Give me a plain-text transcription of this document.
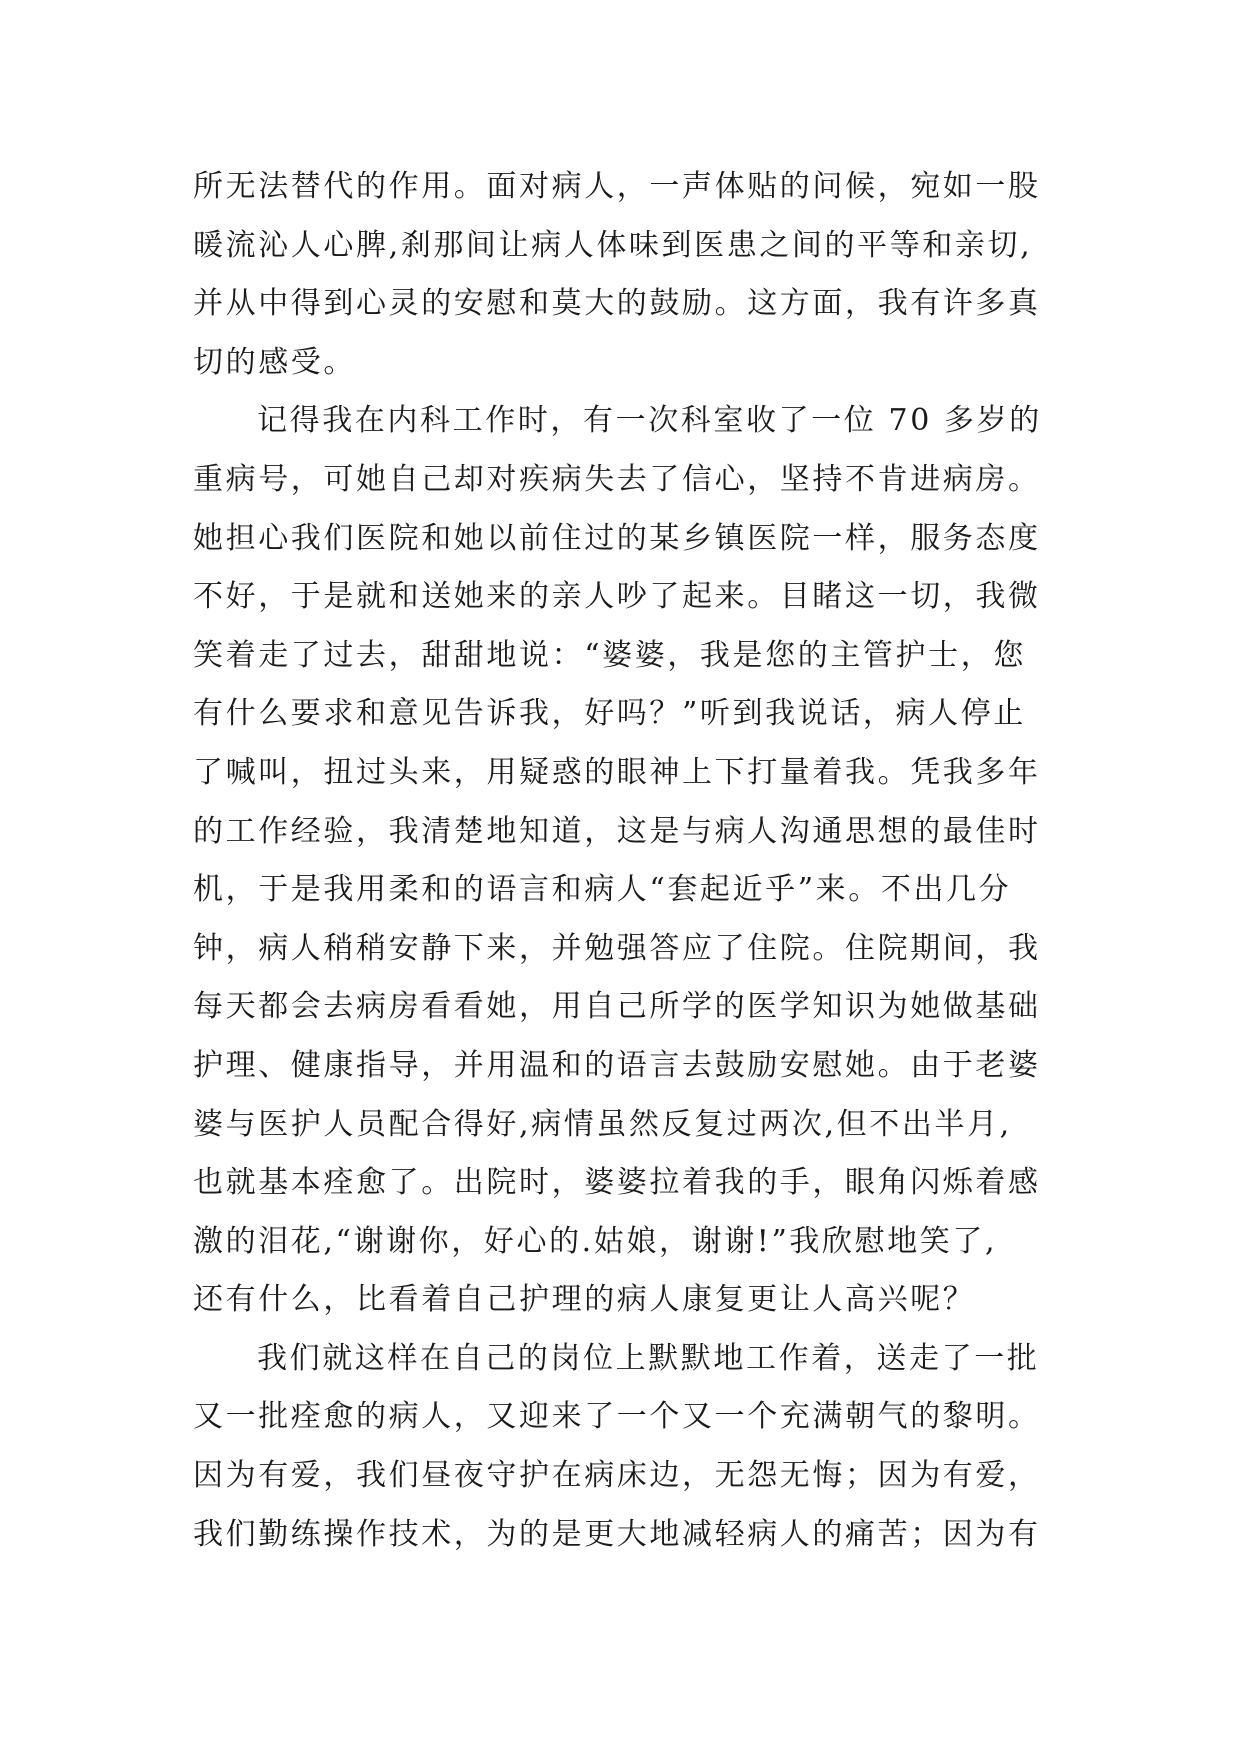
所无法替代的作用。面对病人，一声体贴的问候，宛如一股
暖流沁人心脾,刹那间让病人体味到医患之间的平等和亲切,
并从中得到心灵的安慰和莫大的鼓励。这方面，我有许多真
切的感受。
记得我在内科工作时，有一次科室收了一位 70 多岁的
重病号，可她自己却对疾病失去了信心，坚持不肯进病房。
她担心我们医院和她以前住过的某乡镇医院一样，服务态度
不好，于是就和送她来的亲人吵了起来。目睹这一切，我微
笑着走了过去，甜甜地说：“婆婆，我是您的主管护士，您
有什么要求和意见告诉我，好吗？”听到我说话，病人停止
了喊叫，扭过头来，用疑惑的眼神上下打量着我。凭我多年
的工作经验，我清楚地知道，这是与病人沟通思想的最佳时
机，于是我用柔和的语言和病人“套起近乎”来。不出几分
钟，病人稍稍安静下来，并勉强答应了住院。住院期间，我
每天都会去病房看看她，用自己所学的医学知识为她做基础
护理、健康指导，并用温和的语言去鼓励安慰她。由于老婆
婆与医护人员配合得好,病情虽然反复过两次,但不出半月,
也就基本痊愈了。出院时，婆婆拉着我的手，眼角闪烁着感
激的泪花,“谢谢你，好心的.姑娘，谢谢!”我欣慰地笑了,
还有什么，比看着自己护理的病人康复更让人高兴呢？
我们就这样在自己的岗位上默默地工作着，送走了一批
又一批痊愈的病人，又迎来了一个又一个充满朝气的黎明。
因为有爱，我们昼夜守护在病床边，无怨无悔；因为有爱，
我们勤练操作技术，为的是更大地减轻病人的痛苦；因为有
